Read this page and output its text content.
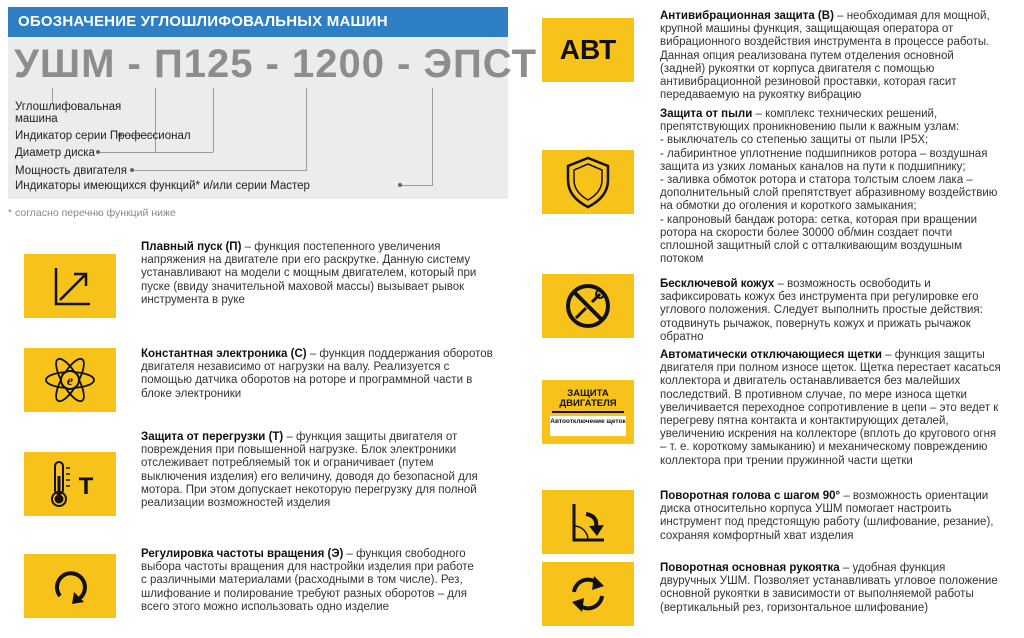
ОБОЗНАЧЕНИЕ УГЛОШЛИФОВАЛЬНЫХ МАШИН
УШМ - П125 - 1200 - ЭПСТ
Углошлифовальная машина
Индикатор серии Профессионал
Диаметр диска
Мощность двигателя
Индикаторы имеющихся функций* и/или серии Мастер
* согласно перечню функций ниже
Плавный пуск (П) – функция постепенного увеличения напряжения на двигателе при его раскрутке. Данную систему устанавливают на модели с мощным двигателем, который при пуске (ввиду значительной маховой массы) вызывает рывок инструмента в руке
e
Константная электроника (С) – функция поддержания оборотов двигателя независимо от нагрузки на валу. Реализуется с помощью датчика оборотов на роторе и программной части в блоке электроники
T
Защита от перегрузки (Т) – функция защиты двигателя от повреждения при повышенной нагрузке. Блок электроники отслеживает потребляемый ток и ограничивает (путем выключения изделия) его величину, доводя до безопасной для мотора. При этом допускает некоторую перегрузку для полной реализации возможностей изделия
Регулировка частоты вращения (Э) – функция свободного выбора частоты вращения для настройки изделия при работе с различными материалами (расходными в том числе). Рез, шлифование и полирование требуют разных оборотов – для всего этого можно использовать одно изделие
АВТ
Антивибрационная защита (В) – необходимая для мощной, крупной машины функция, защищающая оператора от вибрационного воздействия инструмента в процессе работы. Данная опция реализована путем отделения основной (задней) рукоятки от корпуса двигателя с помощью антивибрационной резиновой проставки, которая гасит передаваемую на рукоятку вибрацию
Защита от пыли – комплекс технических решений, препятствующих проникновению пыли к важным узлам:
- выключатель со степенью защиты от пыли IP5X;
- лабиринтное уплотнение подшипников ротора – воздушная защита из узких ломаных каналов на пути к подшипнику;
- заливка обмоток ротора и статора толстым слоем лака – дополнительный слой препятствует абразивному воздействию на обмотки до оголения и короткого замыкания;
- капроновый бандаж ротора: сетка, которая при вращении ротора на скорости более 30000 об/мин создает почти сплошной защитный слой с отталкивающим воздушным потоком
Бесключевой кожух – возможность освободить и зафиксировать кожух без инструмента при регулировке его углового положения. Следует выполнить простые действия: отодвинуть рычажок, повернуть кожух и прижать рычажок обратно
ЗАЩИТА ДВИГАТЕЛЯ
Автоотключение щеток
Автоматически отключающиеся щетки – функция защиты двигателя при полном износе щеток. Щетка перестает касаться коллектора и двигатель останавливается без малейших последствий. В противном случае, по мере износа щетки увеличивается переходное сопротивление в цепи – это ведет к перегреву пятна контакта и контактирующих деталей, увеличению искрения на коллекторе (вплоть до кругового огня – т. е. короткому замыканию) и механическому повреждению коллектора при трении пружинной части щетки
Поворотная голова с шагом 90° – возможность ориентации диска относительно корпуса УШМ помогает настроить инструмент под предстоящую работу (шлифование, резание), сохраняя комфортный хват изделия
Поворотная основная рукоятка – удобная функция двуручных УШМ. Позволяет устанавливать угловое положение основной рукоятки в зависимости от выполняемой работы (вертикальный рез, горизонтальное шлифование)
